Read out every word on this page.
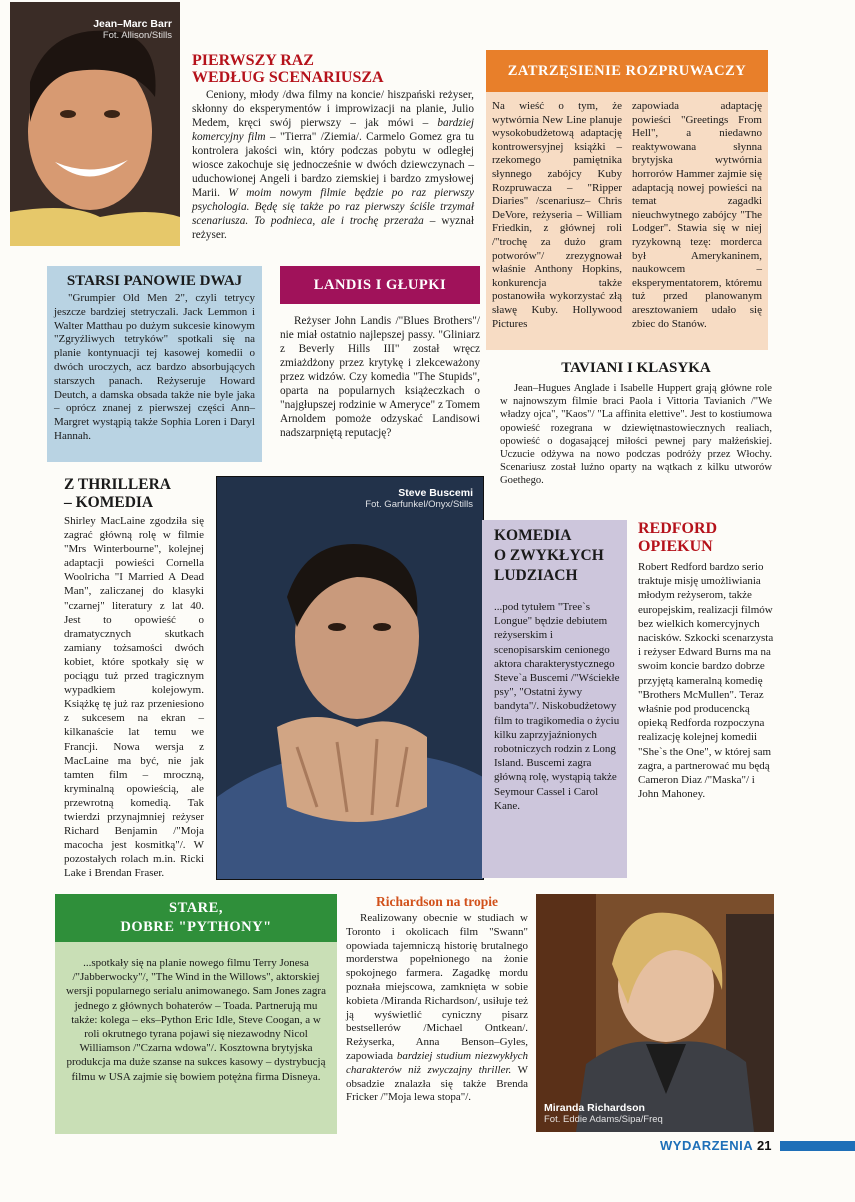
Jean–Marc Barr
Fot. Allison/Stills
PIERWSZY RAZ
WEDŁUG SCENARIUSZA

Ceniony, młody /dwa filmy na koncie/ hiszpański reżyser, skłonny do eksperymentów i improwizacji na planie, Julio Medem, kręci swój pierwszy – jak mówi – bardziej komercyjny film – "Tierra" /Ziemia/. Carmelo Gomez gra tu kontrolera jakości win, który podczas pobytu w odległej wiosce zakochuje się jednocześnie w dwóch dziewczynach – uduchowionej Angeli i bardzo ziemskiej i bardzo zmysłowej Marii. W moim nowym filmie będzie po raz pierwszy psychologia. Będę się także po raz pierwszy ściśle trzymał scenariusza. To podnieca, ale i trochę przeraża – wyznał reżyser.

ZATRZĘSIENIE ROZPRUWACZY

Na wieść o tym, że wytwórnia New Line planuje wysokobudżetową adaptację kontrowersyjnej książki – rzekomego pamiętnika słynnego zabójcy Kuby Rozpruwacza – "Ripper Diaries" /scenariusz– Chris DeVore, reżyseria – William Friedkin, z głównej roli /"trochę za dużo gram potworów"/ zrezygnował właśnie Anthony Hopkins, konkurencja także postanowiła wykorzystać złą sławę Kuby. Hollywood Pictures

zapowiada adaptację powieści "Greetings From Hell", a niedawno reaktywowana słynna brytyjska wytwórnia horrorów Hammer zajmie się adaptacją nowej powieści na temat zagadki nieuchwytnego zabójcy "The Lodger". Stawia się w niej ryzykowną tezę: morderca był Amerykaninem, naukowcem – eksperymentatorem, któremu tuż przed planowanym aresztowaniem udało się zbiec do Stanów.

STARSI PANOWIE DWAJ

"Grumpier Old Men 2", czyli tetrycy jeszcze bardziej stetryczali. Jack Lemmon i Walter Matthau po dużym sukcesie kinowym "Zgryźliwych tetryków" spotkali się na planie kontynuacji tej kasowej komedii o dwóch uroczych, acz bardzo absorbujących starszych panach. Reżyseruje Howard Deutch, a damska obsada także nie byle jaka – oprócz znanej z pierwszej części Ann–Margret wystąpią także Sophia Loren i Daryl Hannah.

LANDIS I GŁUPKI

Reżyser John Landis /"Blues Brothers"/ nie miał ostatnio najlepszej passy. "Gliniarz z Beverly Hills III" został wręcz zmiażdżony przez krytykę i zlekceważony przez widzów. Czy komedia "The Stupids", oparta na popularnych książeczkach o "najgłupszej rodzinie w Ameryce" z Tomem Arnoldem pomoże odzyskać Landisowi nadszarpniętą reputację?

TAVIANI I KLASYKA

Jean–Hugues Anglade i Isabelle Huppert grają główne role w najnowszym filmie braci Paola i Vittoria Tavianich /"We władzy ojca", "Kaos"/ "La affinita elettive". Jest to kostiumowa opowieść rozegrana w dziewiętnastowiecznych realiach, opowieść o dogasającej miłości pewnej pary małżeńskiej. Uczucie odżywa na nowo podczas podróży przez Włochy. Scenariusz został luźno oparty na wątkach z kilku utworów Goethego.

Z THRILLERA
– KOMEDIA

Shirley MacLaine zgodziła się zagrać główną rolę w filmie "Mrs Winterbourne", kolejnej adaptacji powieści Cornella Woolricha "I Married A Dead Man", zaliczanej do klasyki "czarnej" literatury z lat 40. Jest to opowieść o dramatycznych skutkach zamiany tożsamości dwóch kobiet, które spotkały się w pociągu tuż przed tragicznym wypadkiem kolejowym. Książkę tę już raz przeniesiono z sukcesem na ekran – kilkanaście lat temu we Francji. Nowa wersja z MacLaine ma być, nie jak tamten film – mroczną, kryminalną opowieścią, ale przewrotną komedią. Tak twierdzi przynajmniej reżyser Richard Benjamin /"Moja macocha jest kosmitką"/. W pozostałych rolach m.in. Ricki Lake i Brendan Fraser.

Steve Buscemi
Fot. Garfunkel/Onyx/Stills
KOMEDIA
O ZWYKŁYCH
LUDZIACH

...pod tytułem "Tree`s Longue" będzie debiutem reżyserskim i scenopisarskim cenionego aktora charakterystycznego Steve`a Buscemi /"Wściekłe psy", "Ostatni żywy bandyta"/. Niskobudżetowy film to tragikomedia o życiu kilku zaprzyjaźnionych robotniczych rodzin z Long Island. Buscemi zagra główną rolę, wystąpią także Seymour Cassel i Carol Kane.

REDFORD
OPIEKUN

Robert Redford bardzo serio traktuje misję umożliwiania młodym reżyserom, także europejskim, realizacji filmów bez wielkich komercyjnych nacisków. Szkocki scenarzysta i reżyser Edward Burns ma na swoim koncie bardzo dobrze przyjętą kameralną komedię "Brothers McMullen". Teraz właśnie pod producencką opieką Redforda rozpoczyna realizację kolejnej komedii "She`s the One", w której sam zagra, a partnerować mu będą Cameron Diaz /"Maska"/ i John Mahoney.

STARE,
DOBRE "PYTHONY"

...spotkały się na planie nowego filmu Terry Jonesa /"Jabberwocky"/, "The Wind in the Willows", aktorskiej wersji popularnego serialu animowanego. Sam Jones zagra jednego z głównych bohaterów – Toada. Partnerują mu także: kolega – eks–Python Eric Idle, Steve Coogan, a w roli okrutnego tyrana pojawi się niezawodny Nicol Williamson /"Czarna wdowa"/. Kosztowna brytyjska produkcja ma duże szanse na sukces kasowy – dystrybucją filmu w USA zajmie się bowiem potężna firma Disneya.

Richardson na tropie

Realizowany obecnie w studiach w Toronto i okolicach film "Swann" opowiada tajemniczą historię brutalnego morderstwa popełnionego na żonie spokojnego farmera. Zagadkę mordu poznała miejscowa, zamknięta w sobie kobieta /Miranda Richardson/, usiłuje też ją wyświetlić cyniczny pisarz bestsellerów /Michael Ontkean/. Reżyserka, Anna Benson–Gyles, zapowiada bardziej studium niezwykłych charakterów niż zwyczajny thriller. W obsadzie znalazła się także Brenda Fricker /"Moja lewa stopa"/.

Miranda Richardson
Fot. Eddie Adams/Sipa/Freq
WYDARZENIA 21
